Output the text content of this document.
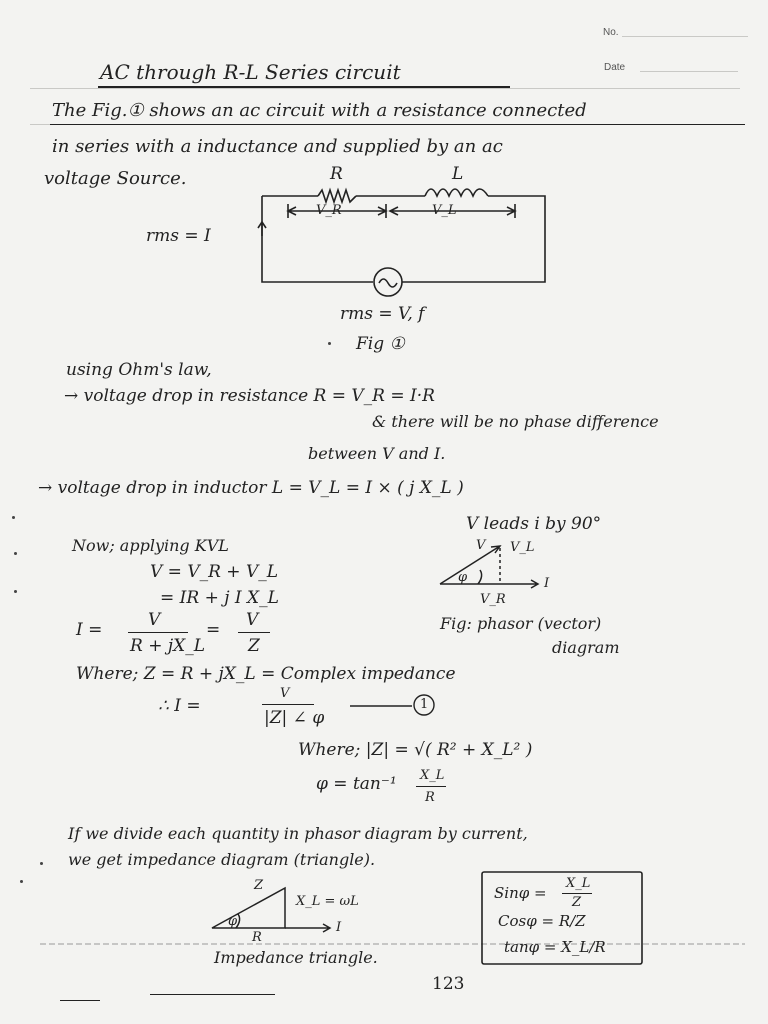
No.
Date
AC through R-L Series circuit
The Fig.① shows an ac circuit with a resistance connected
in series with a inductance and supplied by an ac
voltage Source.	R	L
V_R	V_L
rms = I
rms = V, f
Fig ①
using Ohm's law,
→ voltage drop in resistance R = V_R = I·R
& there will be no phase difference
between V and I.
→ voltage drop in inductor L = V_L = I × ( j X_L )
V leads i by 90°
Now; applying KVL
V = V_R + V_L
= IR + j I X_L
I =	V
R + jX_L
= V
Z
V V_L
φ	I
V_R
Fig: phasor (vector)
diagram
Where; Z = R + jX_L = Complex impedance
∴ I =
V
|Z| ∠ φ
1
Where; |Z| = √( R² + X_L² )
φ = tan⁻¹ X_L
R
If we divide each quantity in phasor diagram by current,
we get impedance diagram (triangle).
Z
X_L = ωL
φ
R
I
Impedance triangle.
Sinφ =
X_L
Z
Cosφ = R/Z
tanφ = X_L/R
123
